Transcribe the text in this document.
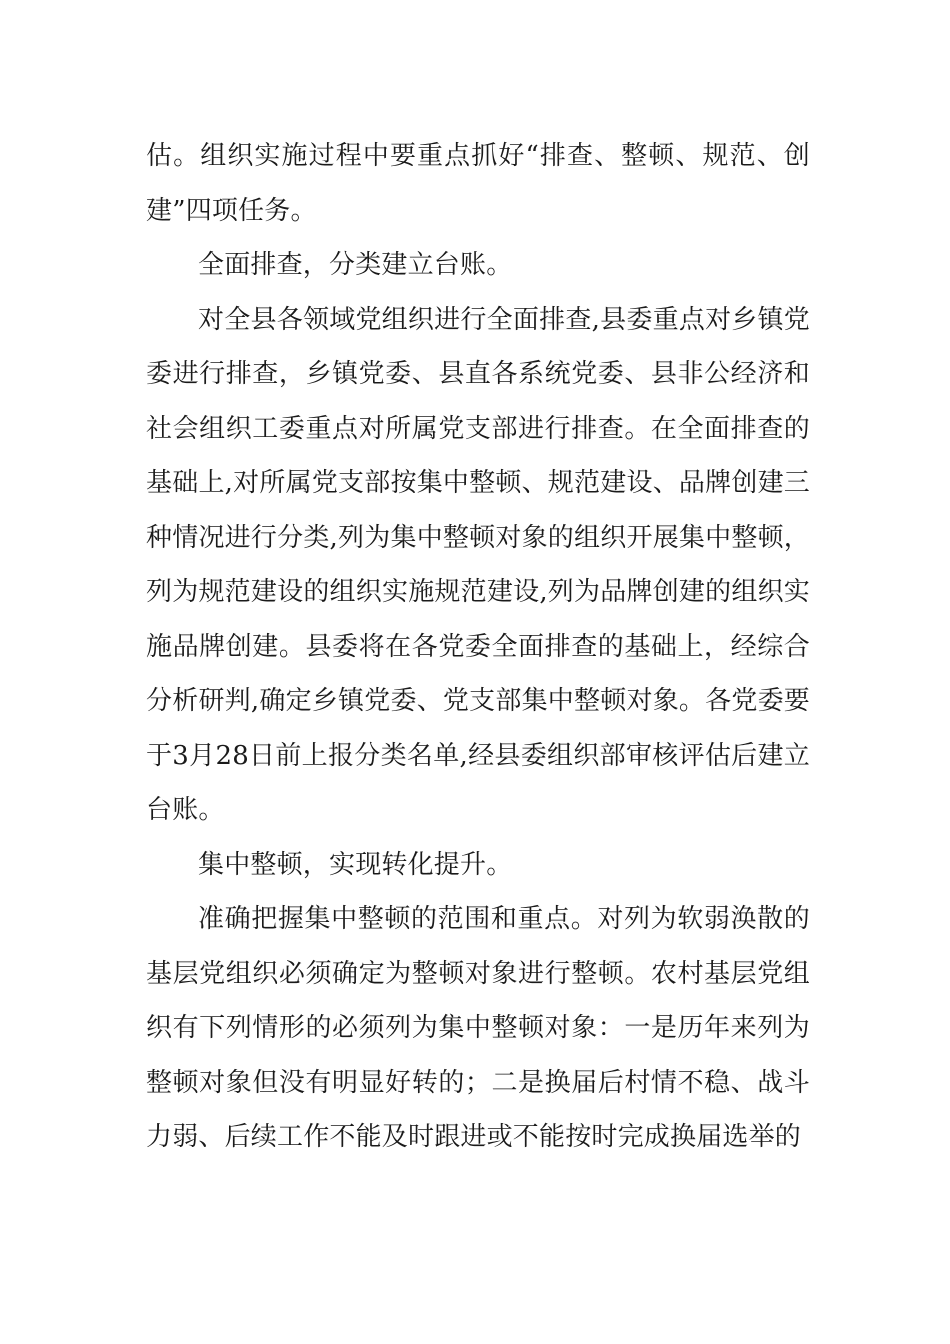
估。组织实施过程中要重点抓好“排查、整顿、规范、创建”四项任务。

全面排查，分类建立台账。

对全县各领域党组织进行全面排查,县委重点对乡镇党委进行排查，乡镇党委、县直各系统党委、县非公经济和社会组织工委重点对所属党支部进行排查。在全面排查的基础上,对所属党支部按集中整顿、规范建设、品牌创建三种情况进行分类,列为集中整顿对象的组织开展集中整顿，列为规范建设的组织实施规范建设,列为品牌创建的组织实施品牌创建。县委将在各党委全面排查的基础上，经综合分析研判,确定乡镇党委、党支部集中整顿对象。各党委要于3月28日前上报分类名单,经县委组织部审核评估后建立台账。

集中整顿，实现转化提升。

准确把握集中整顿的范围和重点。对列为软弱涣散的基层党组织必须确定为整顿对象进行整顿。农村基层党组织有下列情形的必须列为集中整顿对象：一是历年来列为整顿对象但没有明显好转的；二是换届后村情不稳、战斗力弱、后续工作不能及时跟进或不能按时完成换届选举的
